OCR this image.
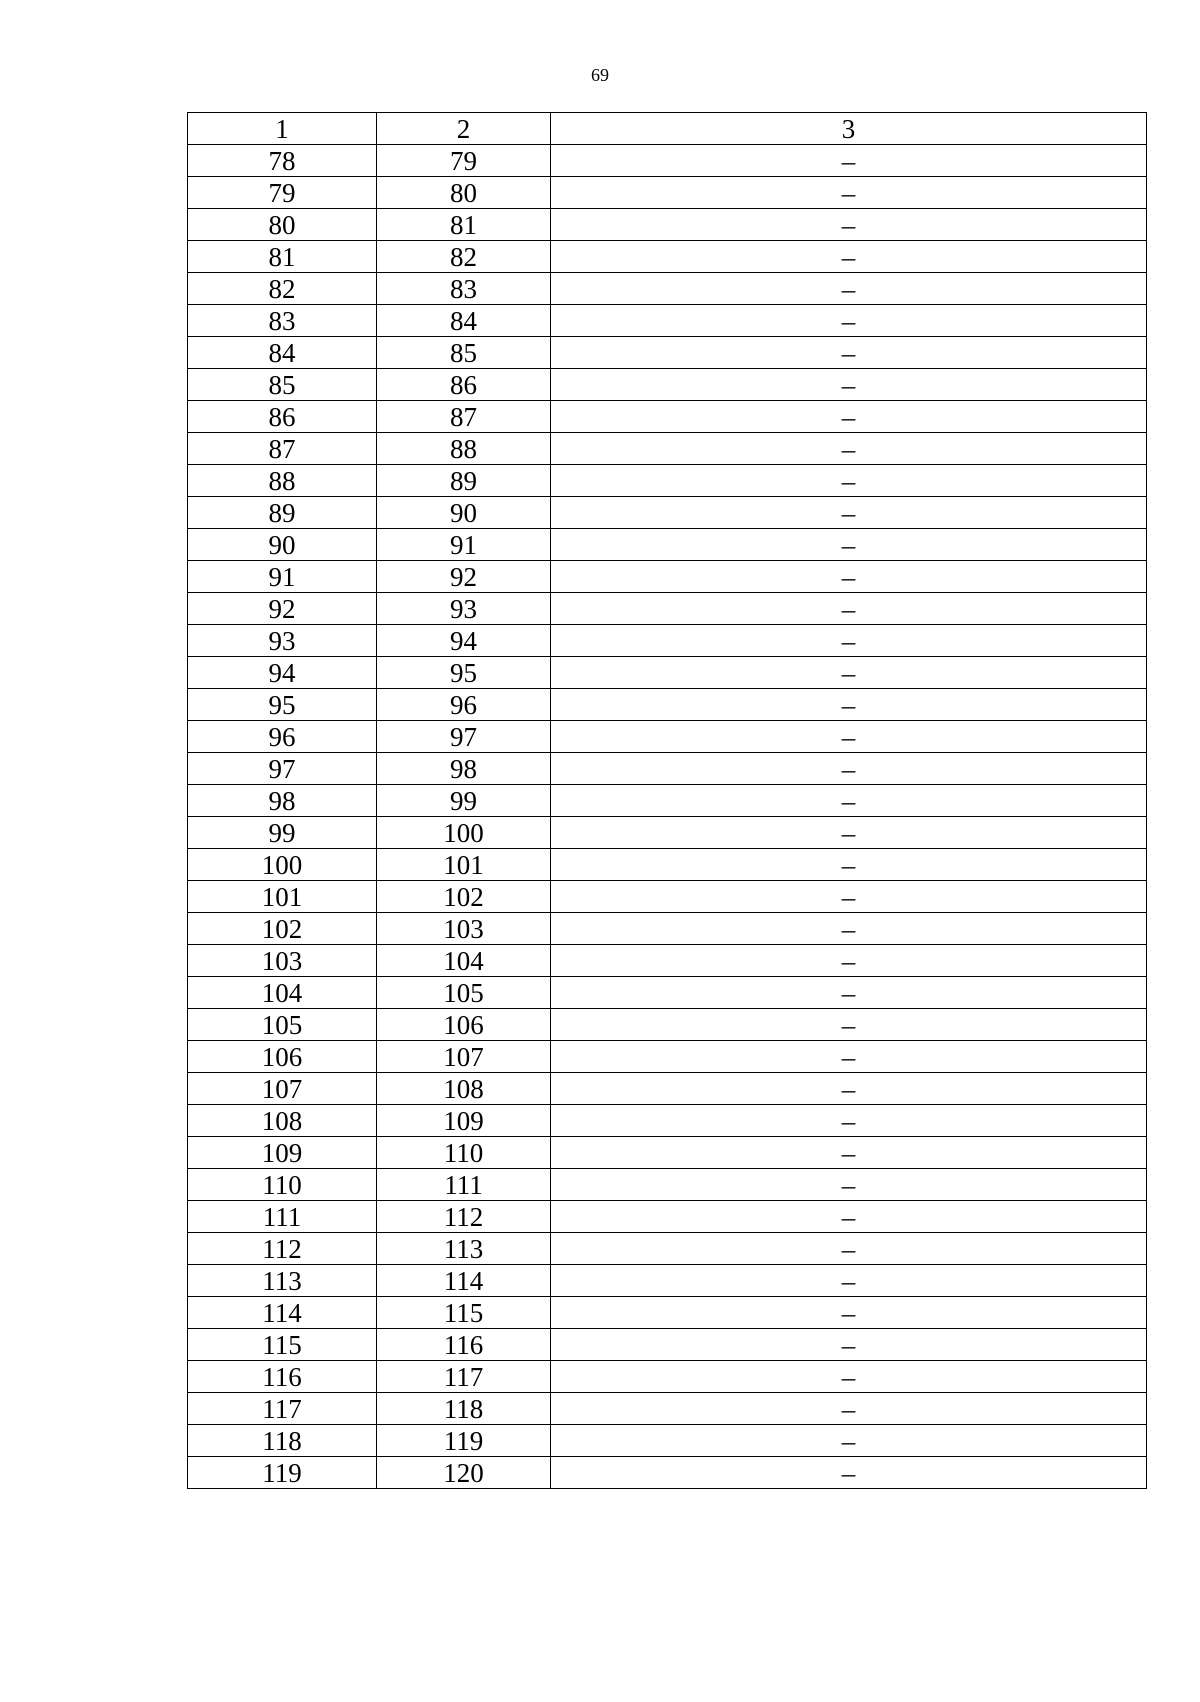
69
1	2	3
78	79	–
79	80	–
80	81	–
81	82	–
82	83	–
83	84	–
84	85	–
85	86	–
86	87	–
87	88	–
88	89	–
89	90	–
90	91	–
91	92	–
92	93	–
93	94	–
94	95	–
95	96	–
96	97	–
97	98	–
98	99	–
99	100	–
100	101	–
101	102	–
102	103	–
103	104	–
104	105	–
105	106	–
106	107	–
107	108	–
108	109	–
109	110	–
110	111	–
111	112	–
112	113	–
113	114	–
114	115	–
115	116	–
116	117	–
117	118	–
118	119	–
119	120	–
